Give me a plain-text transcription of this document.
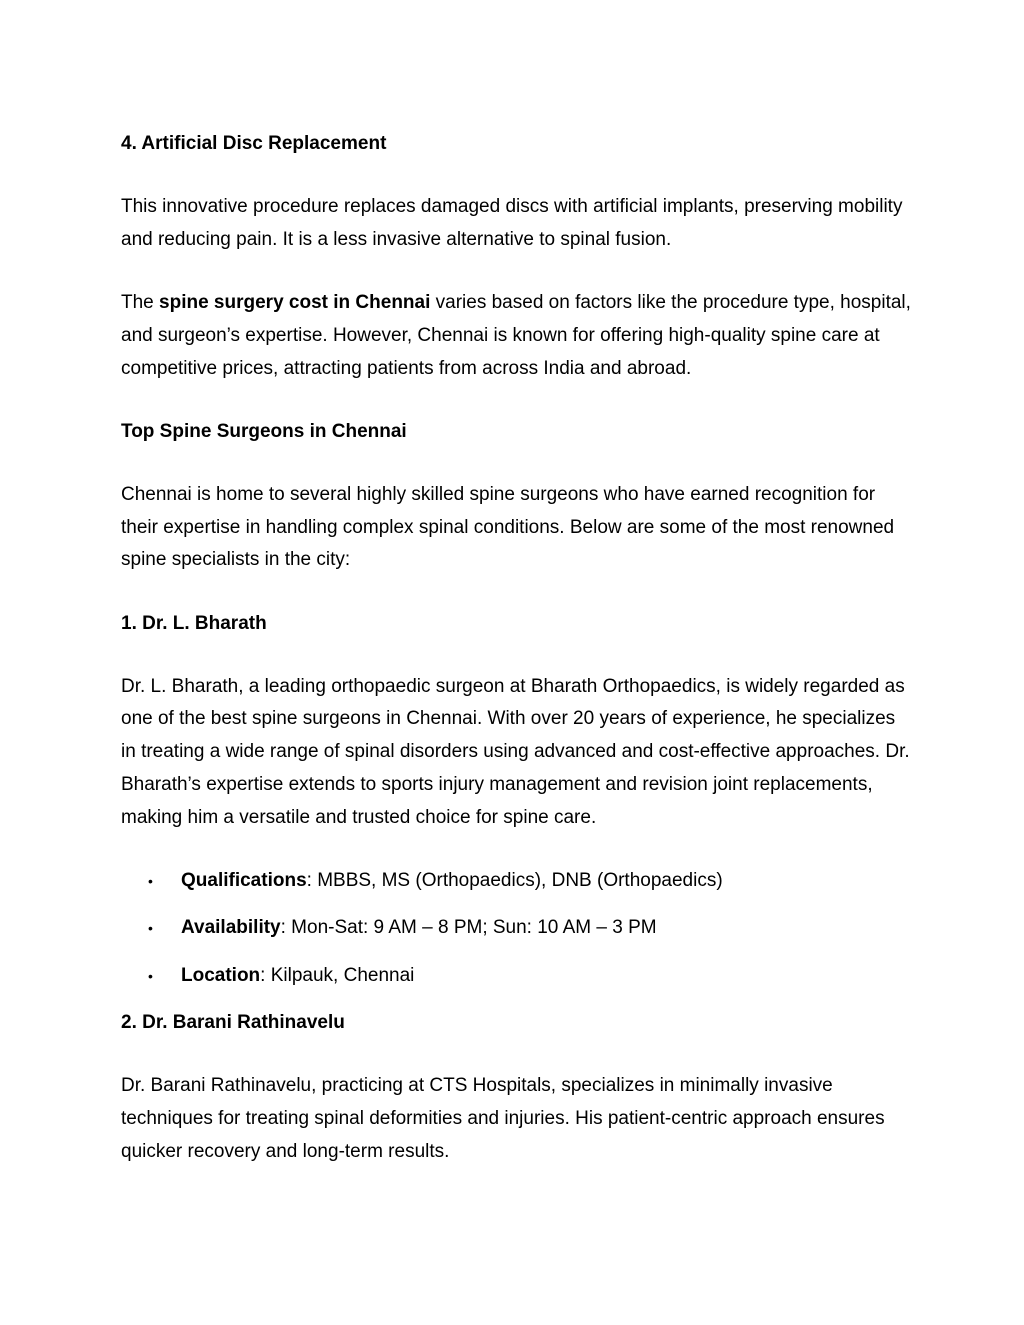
4. Artificial Disc Replacement

This innovative procedure replaces damaged discs with artificial implants, preserving mobility and reducing pain. It is a less invasive alternative to spinal fusion.

The spine surgery cost in Chennai varies based on factors like the procedure type, hospital, and surgeon’s expertise. However, Chennai is known for offering high-quality spine care at competitive prices, attracting patients from across India and abroad.

Top Spine Surgeons in Chennai

Chennai is home to several highly skilled spine surgeons who have earned recognition for their expertise in handling complex spinal conditions. Below are some of the most renowned spine specialists in the city:

1. Dr. L. Bharath

Dr. L. Bharath, a leading orthopaedic surgeon at Bharath Orthopaedics, is widely regarded as one of the best spine surgeons in Chennai. With over 20 years of experience, he specializes in treating a wide range of spinal disorders using advanced and cost-effective approaches. Dr. Bharath’s expertise extends to sports injury management and revision joint replacements, making him a versatile and trusted choice for spine care.

• Qualifications: MBBS, MS (Orthopaedics), DNB (Orthopaedics)
• Availability: Mon-Sat: 9 AM – 8 PM; Sun: 10 AM – 3 PM
• Location: Kilpauk, Chennai

2. Dr. Barani Rathinavelu

Dr. Barani Rathinavelu, practicing at CTS Hospitals, specializes in minimally invasive techniques for treating spinal deformities and injuries. His patient-centric approach ensures quicker recovery and long-term results.
